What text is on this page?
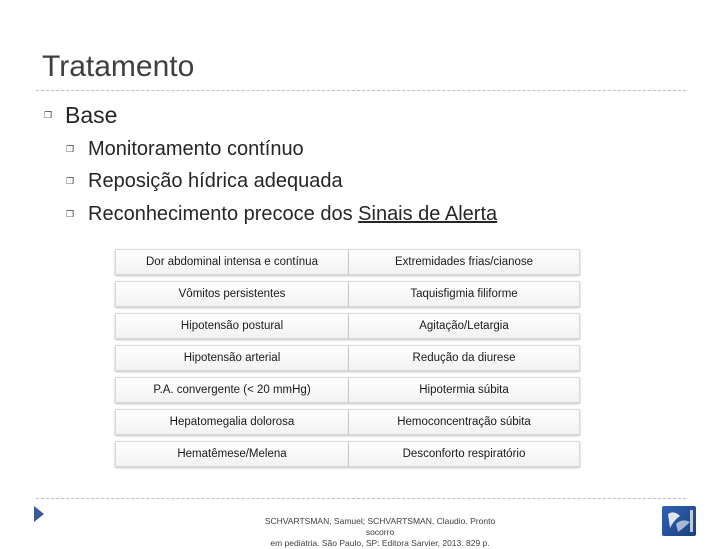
Tratamento
❒ Base
❒ Monitoramento contínuo
❒ Reposição hídrica adequada
❒ Reconhecimento precoce dos Sinais de Alerta
Dor abdominal intensa e contínua	Extremidades frias/cianose
Vômitos persistentes	Taquisfigmia filiforme
Hipotensão postural	Agitação/Letargia
Hipotensão arterial	Redução da diurese
P.A. convergente (< 20 mmHg)	Hipotermia súbita
Hepatomegalia dolorosa	Hemoconcentração súbita
Hematêmese/Melena	Desconforto respiratório
SCHVARTSMAN, Samuel; SCHVARTSMAN, Claudio. Pronto socorro
em pediatria. São Paulo, SP: Editora Sarvier, 2013. 829 p.
